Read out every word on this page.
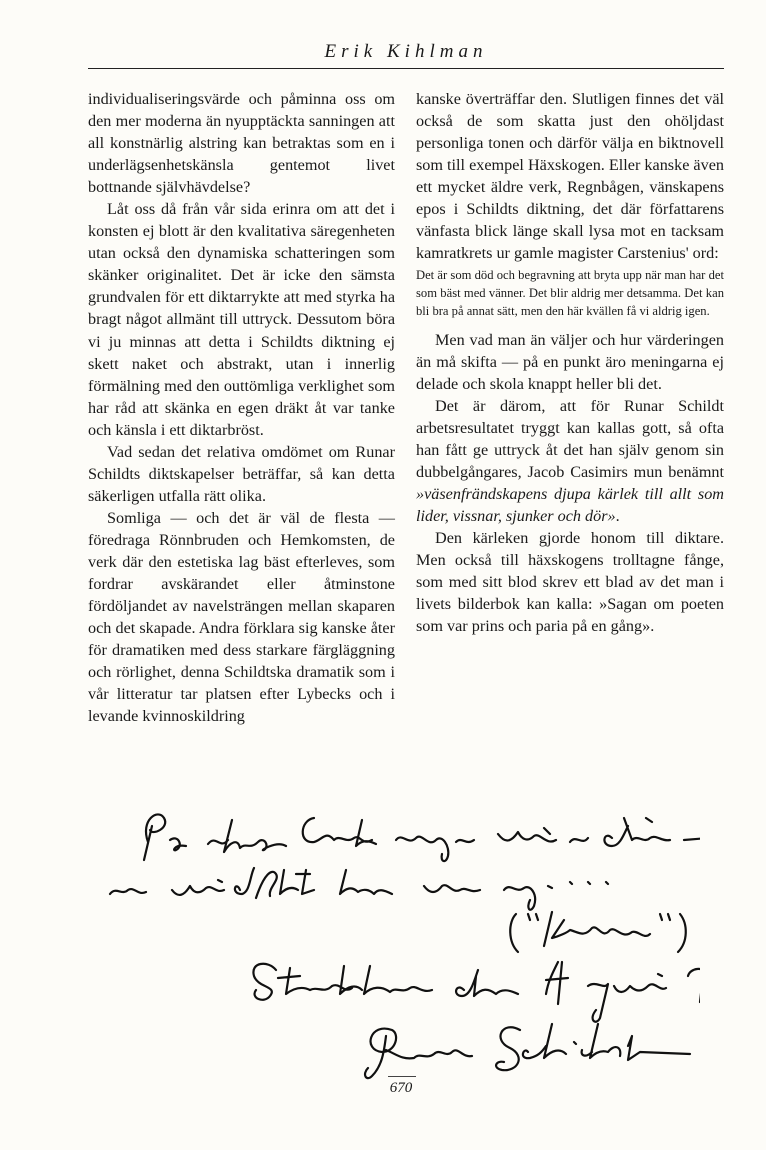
Erik Kihlman

individualiseringsvärde och påminna oss om den mer moderna än nyupptäckta sanningen att all konstnärlig alstring kan betraktas som en i underlägsenhetskänsla gentemot livet bottnande självhävdelse?

Låt oss då från vår sida erinra om att det i konsten ej blott är den kvalitativa säregenheten utan också den dynamiska schatteringen som skänker originalitet. Det är icke den sämsta grundvalen för ett diktarrykte att med styrka ha bragt något allmänt till uttryck. Dessutom böra vi ju minnas att detta i Schildts diktning ej skett naket och abstrakt, utan i innerlig förmälning med den outtömliga verklighet som har råd att skänka en egen dräkt åt var tanke och känsla i ett diktarbröst.

Vad sedan det relativa omdömet om Runar Schildts diktskapelser beträffar, så kan detta säkerligen utfalla rätt olika.

Somliga — och det är väl de flesta — föredraga Rönnbruden och Hemkomsten, de verk där den estetiska lag bäst efterleves, som fordrar avskärandet eller åtminstone fördöljandet av navelsträngen mellan skaparen och det skapade. Andra förklara sig kanske åter för dramatiken med dess starkare färgläggning och rörlighet, denna Schildtska dramatik som i vår litteratur tar platsen efter Lybecks och i levande kvinnoskildring

kanske överträffar den. Slutligen finnes det väl också de som skatta just den ohöljdast personliga tonen och därför välja en biktnovell som till exempel Häxskogen. Eller kanske även ett mycket äldre verk, Regnbågen, vänskapens epos i Schildts diktning, det där författarens vänfasta blick länge skall lysa mot en tacksam kamratkrets ur gamle magister Carstenius' ord:

Det är som död och begravning att bryta upp när man har det som bäst med vänner. Det blir aldrig mer detsamma. Det kan bli bra på annat sätt, men den här kvällen få vi aldrig igen.

Men vad man än väljer och hur värderingen än må skifta — på en punkt äro meningarna ej delade och skola knappt heller bli det.

Det är därom, att för Runar Schildt arbetsresultatet tryggt kan kallas gott, så ofta han fått ge uttryck åt det han själv genom sin dubbelgångares, Jacob Casimirs mun benämnt »väsenfrändskapens djupa kärlek till allt som lider, vissnar, sjunker och dör».

Den kärleken gjorde honom till diktare. Men också till häxskogens trolltagne fånge, som med sitt blod skrev ett blad av det man i livets bilderbok kan kalla: »Sagan om poeten som var prins och paria på en gång».

670
